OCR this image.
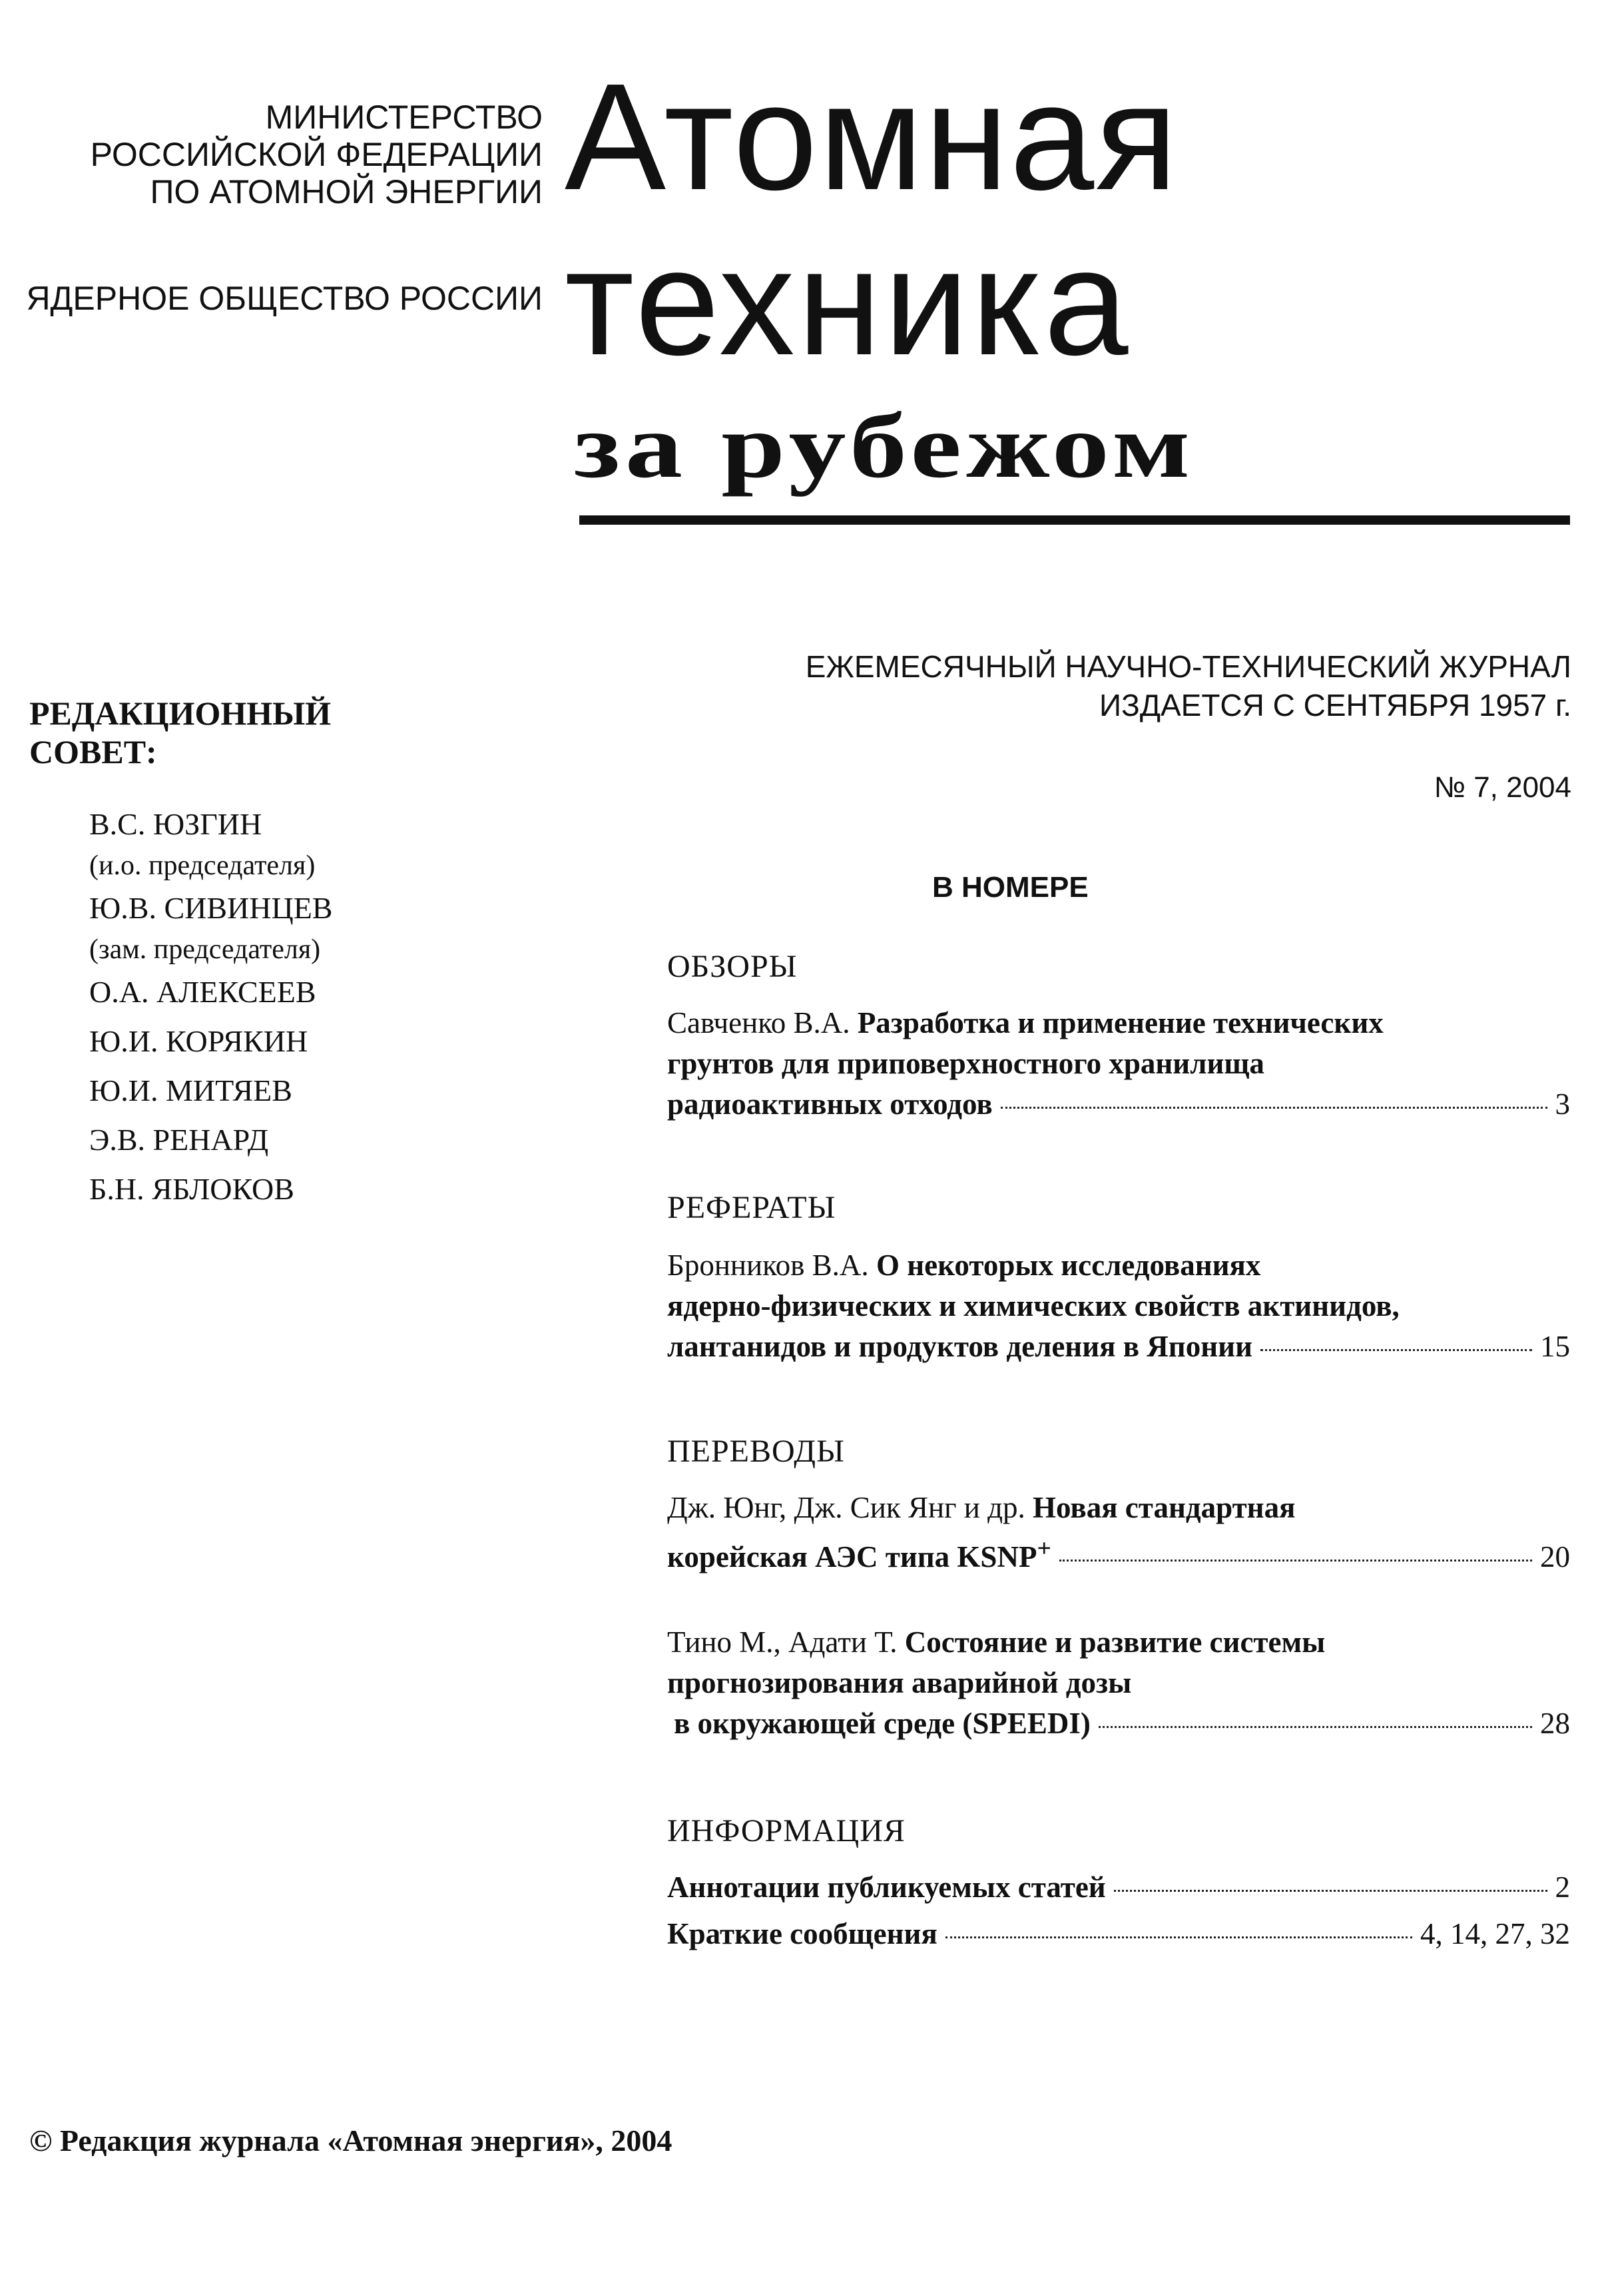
МИНИСТЕРСТВО
РОССИЙСКОЙ ФЕДЕРАЦИИ
ПО АТОМНОЙ ЭНЕРГИИ
ЯДЕРНОЕ ОБЩЕСТВО РОССИИ
Атомная
техника
за рубежом
ЕЖЕМЕСЯЧНЫЙ НАУЧНО-ТЕХНИЧЕСКИЙ ЖУРНАЛ
ИЗДАЕТСЯ С СЕНТЯБРЯ 1957 г.
№ 7, 2004
РЕДАКЦИОННЫЙ
СОВЕТ:
В.С. ЮЗГИН
(и.о. председателя)
Ю.В. СИВИНЦЕВ
(зам. председателя)
О.А. АЛЕКСЕЕВ
Ю.И. КОРЯКИН
Ю.И. МИТЯЕВ
Э.В. РЕНАРД
Б.Н. ЯБЛОКОВ
В НОМЕРЕ
ОБЗОРЫ
Савченко В.А. Разработка и применение технических
грунтов для приповерхностного хранилища
радиоактивных отходов	3
РЕФЕРАТЫ
Бронников В.А. О некоторых исследованиях
ядерно-физических и химических свойств актинидов,
лантанидов и продуктов деления в Японии	15
ПЕРЕВОДЫ
Дж. Юнг, Дж. Сик Янг и др. Новая стандартная
корейская АЭС типа KSNP+	20
Тино М., Адати Т. Состояние и развитие системы
прогнозирования аварийной дозы
в окружающей среде (SPEEDI)	28
ИНФОРМАЦИЯ
Аннотации публикуемых статей	2
Краткие сообщения	4, 14, 27, 32
© Редакция журнала «Атомная энергия», 2004
